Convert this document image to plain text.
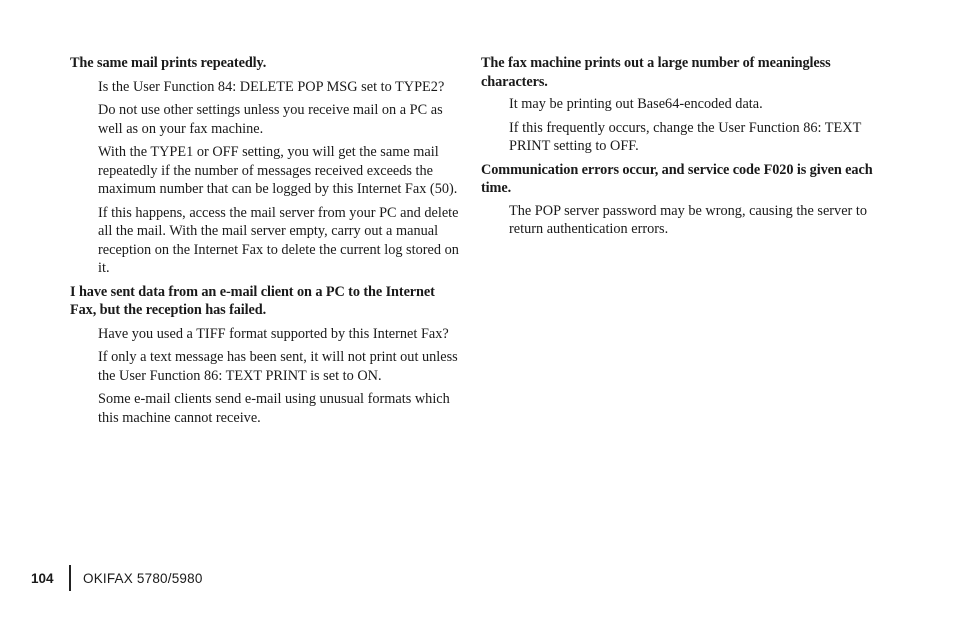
The same mail prints repeatedly.

Is the User Function 84: DELETE POP MSG set to TYPE2?

Do not use other settings unless you receive mail on a PC as well as on your fax machine.

With the TYPE1 or OFF setting, you will get the same mail repeatedly if the number of messages received exceeds the maximum number that can be logged by this Internet Fax (50).

If this happens, access the mail server from your PC and delete all the mail. With the mail server empty, carry out a manual reception on the Internet Fax to delete the current log stored on it.

I have sent data from an e-mail client on a PC to the Internet Fax, but the reception has failed.

Have you used a TIFF format supported by this Internet Fax?

If only a text message has been sent, it will not print out unless the User Function 86: TEXT PRINT is set to ON.

Some e-mail clients send e-mail using unusual formats which this machine cannot receive.

The fax machine prints out a large number of meaningless characters.

It may be printing out Base64-encoded data.

If this frequently occurs, change the User Function 86: TEXT PRINT setting to OFF.

Communication errors occur, and service code F020 is given each time.

The POP server password may be wrong, causing the server to return authentication errors.

104	OKIFAX 5780/5980
